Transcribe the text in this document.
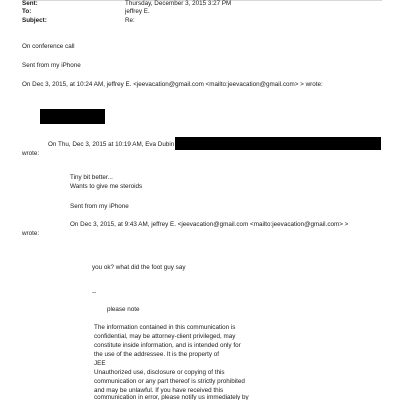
Sent:	Thursday, December 3, 2015 3:27 PM
To:	jeffrey E.
Subject:	Re:
On conference call
Sent from my iPhone
On Dec 3, 2015, at 10:24 AM, jeffrey E. <jeevacation@gmail.com <mailto:jeevacation@gmail.com> > wrote:
On Thu, Dec 3, 2015 at 10:19 AM, Eva Dubin
wrote:
Tiny bit better...
Wants to give me steroids
Sent from my iPhone
On Dec 3, 2015, at 9:43 AM, jeffrey E. <jeevacation@gmail.com <mailto:jeevacation@gmail.com> >
wrote:
you ok? what did the foot guy say
--
please note
The information contained in this communication is
confidential, may be attorney-client privileged, may
constitute inside information, and is intended only for
the use of the addressee. It is the property of
JEE
Unauthorized use, disclosure or copying of this
communication or any part thereof is strictly prohibited
and may be unlawful. If you have received this
communication in error, please notify us immediately by
